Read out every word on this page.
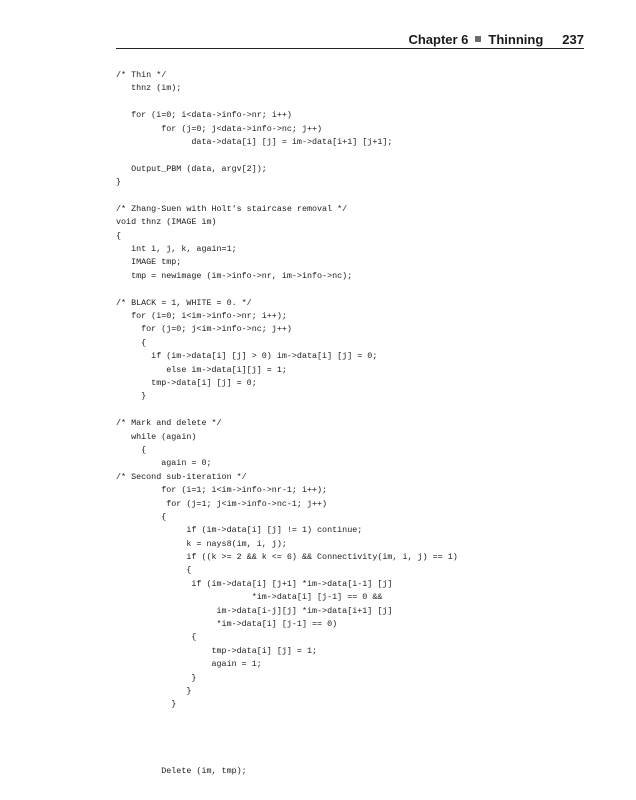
Chapter 6 Thinning 237
/* Thin */
thnz (im);
for (i=0; i<data->info->nr; i++)
for (j=0; j<data->info->nc; j++)
data->data[i] [j] = im->data[i+1] [j+1];
Output_PBM (data, argv[2]);
}
/* Zhang-Suen with Holt's staircase removal */
void thnz (IMAGE im)
{
int i, j, k, again=1;
IMAGE tmp;
tmp = newimage (im->info->nr, im->info->nc);
/* BLACK = 1, WHITE = 0. */
for (i=0; i<im->info->nr; i++);
for (j=0; j<im->info->nc; j++)
{
if (im->data[i] [j] > 0) im->data[i] [j] = 0;
else im->data[i][j] = 1;
tmp->data[i] [j] = 0;
}
/* Mark and delete */
while (again)
{
again = 0;
/* Second sub-iteration */
for (i=1; i<im->info->nr-1; i++);
for (j=1; j<im->info->nc-1; j++)
{
if (im->data[i] [j] != 1) continue;
k = nays8(im, i, j);
if ((k >= 2 && k <= 6) && Connectivity(im, i, j) == 1)
{
if (im->data[i] [j+1] *im->data[i-1] [j]
*im->data[i] [j-1] == 0 &&
im->data[i-j][j] *im->data[i+1] [j]
*im->data[i] [j-1] == 0)
{
tmp->data[i] [j] = 1;
again = 1;
}
}
}
Delete (im, tmp);
